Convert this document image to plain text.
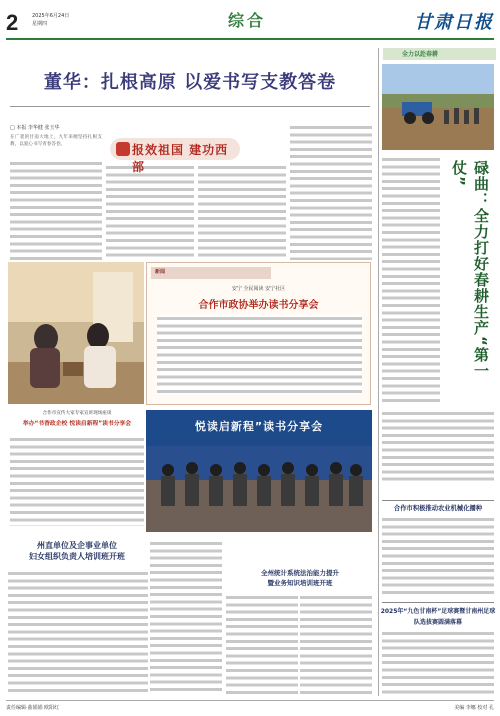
2	2025年6月24日
星期四	综合	甘肃日报
董华：扎根高原 以爱书写支教答卷
□ 本报 李华健 张玉华
在广袤的甘南大地上，九年来她坚持扎根支教，以爱心书写青春答卷。	报效祖国 建功西部
新闻
安宁 全民阅读 安宁社区
合作市政协举办读书分享会
合作市宣传大家专家宣讲现场座谈
举办“书香政企校 悦读启新程”读书分享会	悦读启新程”读书分享会
州直单位及企事业单位
妇女组织负责人培训班开班
全州统计系统法治能力提升
暨业务知识培训班开班
全力以赴春耕
碌曲：全力打好春耕生产“第一仗”
合作市积极推动农业机械化播种
2025年“九色甘南杯”足球赛暨甘南州足球队选拔赛圆满落幕
责任编辑·曲娟娟 欧阳红	美编 李娜 校对 孔
